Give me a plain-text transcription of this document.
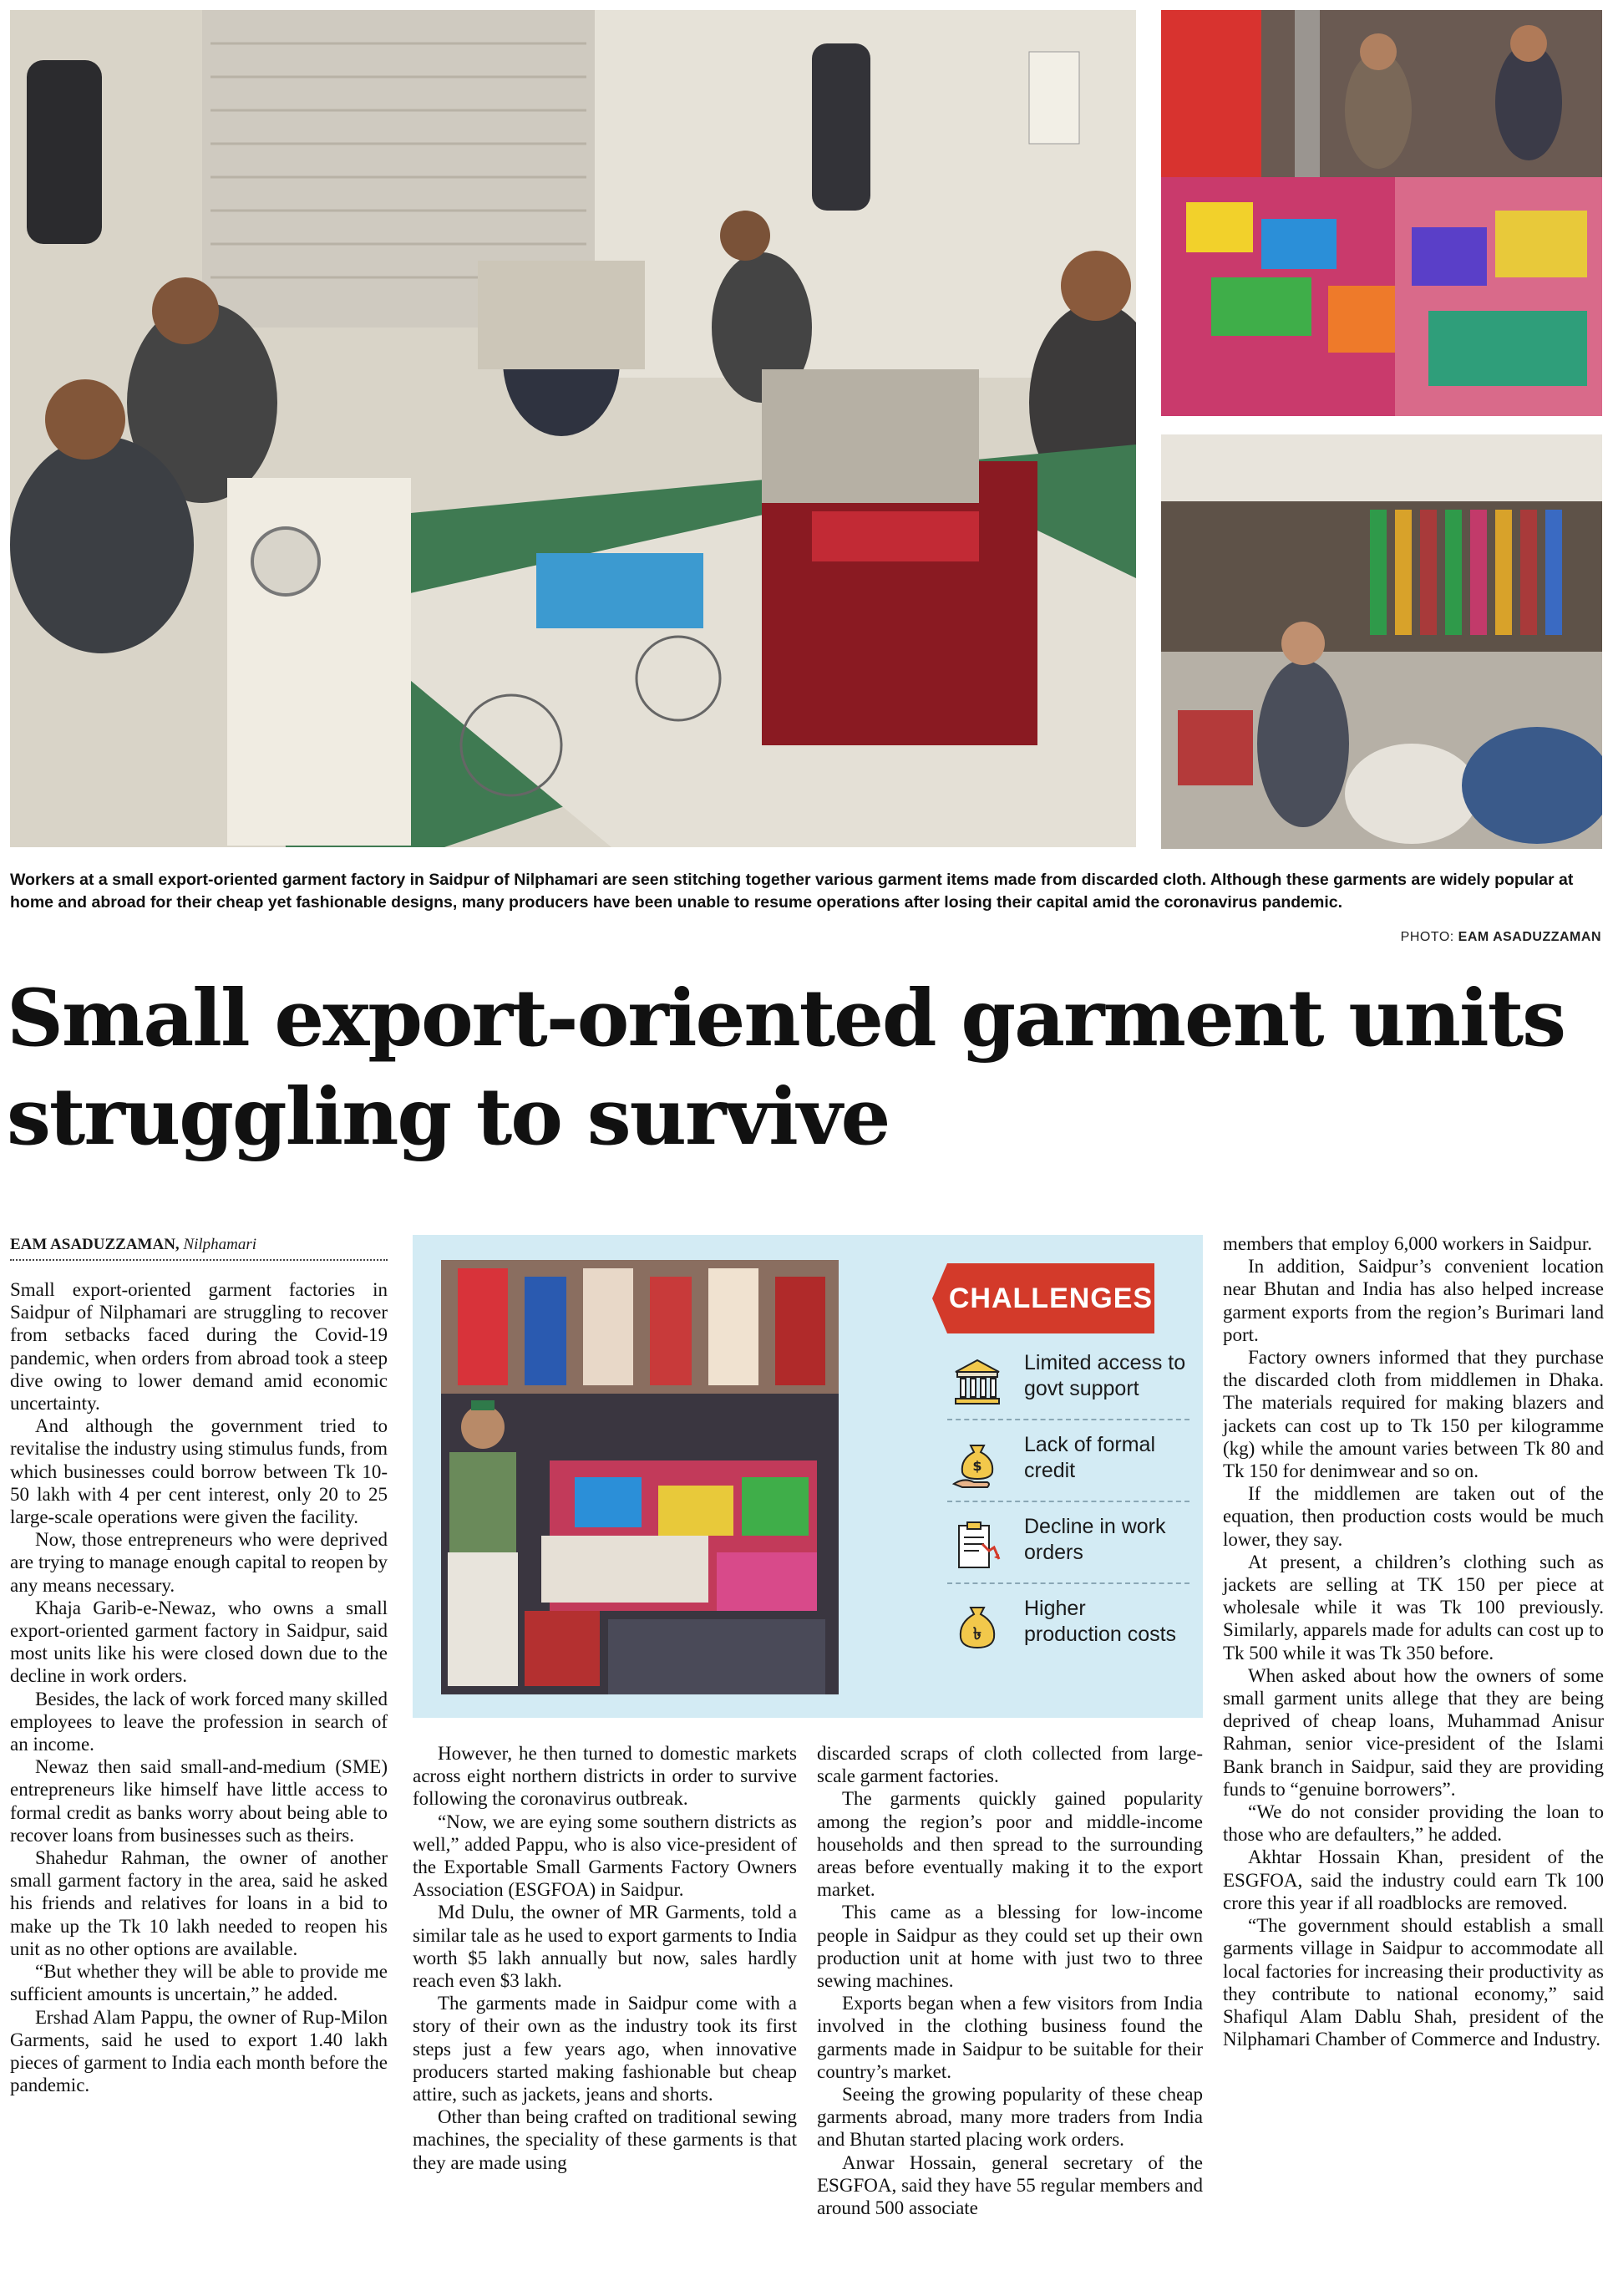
Workers at a small export-oriented garment factory in Saidpur of Nilphamari are seen stitching together various garment items made from discarded cloth. Although these garments are widely popular at home and abroad for their cheap yet fashionable designs, many producers have been unable to resume operations after losing their capital amid the coronavirus pandemic.
PHOTO: EAM ASADUZZAMAN
Small export-oriented garment units struggling to survive
EAM ASADUZZAMAN, Nilphamari

Small export-oriented garment factories in Saidpur of Nilphamari are struggling to recover from setbacks faced during the Covid-19 pandemic, when orders from abroad took a steep dive owing to lower demand amid economic uncertainty.

And although the government tried to revitalise the industry using stimulus funds, from which businesses could borrow between Tk 10-50 lakh with 4 per cent interest, only 20 to 25 large-scale operations were given the facility.

Now, those entrepreneurs who were deprived are trying to manage enough capital to reopen by any means necessary.

Khaja Garib-e-Newaz, who owns a small export-oriented garment factory in Saidpur, said most units like his were closed down due to the decline in work orders.

Besides, the lack of work forced many skilled employees to leave the profession in search of an income.

Newaz then said small-and-medium (SME) entrepreneurs like himself have little access to formal credit as banks worry about being able to recover loans from businesses such as theirs.

Shahedur Rahman, the owner of another small garment factory in the area, said he asked his friends and relatives for loans in a bid to make up the Tk 10 lakh needed to reopen his unit as no other options are available.

“But whether they will be able to provide me sufficient amounts is uncertain,” he added.

Ershad Alam Pappu, the owner of Rup-Milon Garments, said he used to export 1.40 lakh pieces of garment to India each month before the pandemic.

CHALLENGES
Limited access to govt support
$
Lack of formal credit
Decline in work orders
৳
Higher production costs

However, he then turned to domestic markets across eight northern districts in order to survive following the coronavirus outbreak.

“Now, we are eying some southern districts as well,” added Pappu, who is also vice-president of the Exportable Small Garments Factory Owners Association (ESGFOA) in Saidpur.

Md Dulu, the owner of MR Garments, told a similar tale as he used to export garments to India worth $5 lakh annually but now, sales hardly reach even $3 lakh.

The garments made in Saidpur come with a story of their own as the industry took its first steps just a few years ago, when innovative producers started making fashionable but cheap attire, such as jackets, jeans and shorts.

Other than being crafted on traditional sewing machines, the speciality of these garments is that they are made using

discarded scraps of cloth collected from large-scale garment factories.

The garments quickly gained popularity among the region’s poor and middle-income households and then spread to the surrounding areas before eventually making it to the export market.

This came as a blessing for low-income people in Saidpur as they could set up their own production unit at home with just two to three sewing machines.

Exports began when a few visitors from India involved in the clothing business found the garments made in Saidpur to be suitable for their country’s market.

Seeing the growing popularity of these cheap garments abroad, many more traders from India and Bhutan started placing work orders.

Anwar Hossain, general secretary of the ESGFOA, said they have 55 regular members and around 500 associate

members that employ 6,000 workers in Saidpur.

In addition, Saidpur’s convenient location near Bhutan and India has also helped increase garment exports from the region’s Burimari land port.

Factory owners informed that they purchase the discarded cloth from middlemen in Dhaka. The materials required for making blazers and jackets can cost up to Tk 150 per kilogramme (kg) while the amount varies between Tk 80 and Tk 150 for denimwear and so on.

If the middlemen are taken out of the equation, then production costs would be much lower, they say.

At present, a children’s clothing such as jackets are selling at TK 150 per piece at wholesale while it was Tk 100 previously. Similarly, apparels made for adults can cost up to Tk 500 while it was Tk 350 before.

When asked about how the owners of some small garment units allege that they are being deprived of cheap loans, Muhammad Anisur Rahman, senior vice-president of the Islami Bank branch in Saidpur, said they are providing funds to “genuine borrowers”.

“We do not consider providing the loan to those who are defaulters,” he added.

Akhtar Hossain Khan, president of the ESGFOA, said the industry could earn Tk 100 crore this year if all roadblocks are removed.

“The government should establish a small garments village in Saidpur to accommodate all local factories for increasing their productivity as they contribute to national economy,” said Shafiqul Alam Dablu Shah, president of the Nilphamari Chamber of Commerce and Industry.
